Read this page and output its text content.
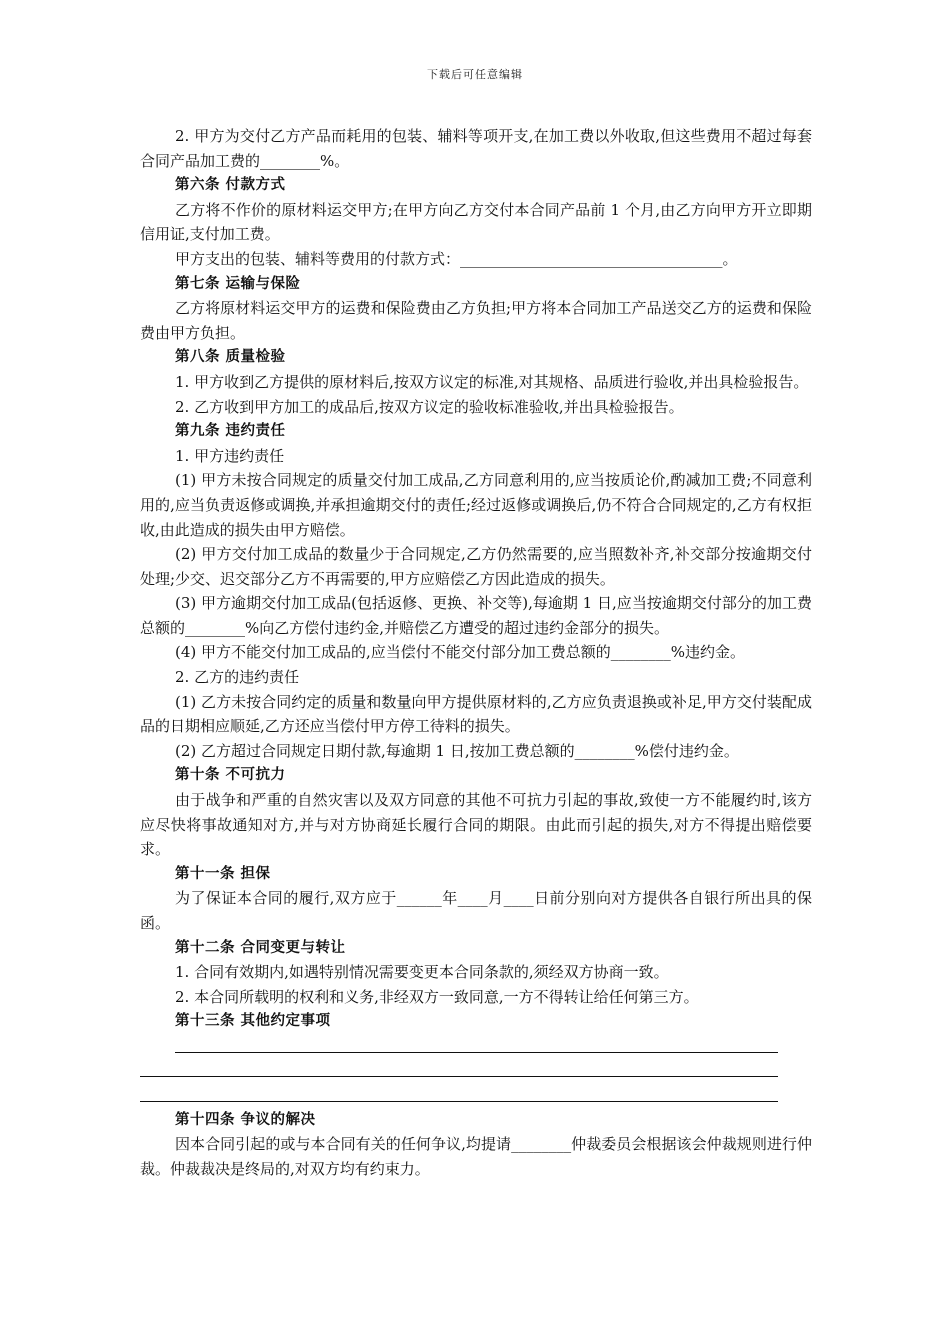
下载后可任意编辑
2. 甲方为交付乙方产品而耗用的包装、辅料等项开支,在加工费以外收取,但这些费用不超过每套合同产品加工费的________%。
第六条 付款方式
乙方将不作价的原材料运交甲方;在甲方向乙方交付本合同产品前 1 个月,由乙方向甲方开立即期信用证,支付加工费。
甲方支出的包装、辅料等费用的付款方式：___________________________________。
第七条 运输与保险
乙方将原材料运交甲方的运费和保险费由乙方负担;甲方将本合同加工产品送交乙方的运费和保险费由甲方负担。
第八条 质量检验
1. 甲方收到乙方提供的原材料后,按双方议定的标准,对其规格、品质进行验收,并出具检验报告。
2. 乙方收到甲方加工的成品后,按双方议定的验收标准验收,并出具检验报告。
第九条 违约责任
1. 甲方违约责任
(1) 甲方未按合同规定的质量交付加工成品,乙方同意利用的,应当按质论价,酌减加工费;不同意利用的,应当负责返修或调换,并承担逾期交付的责任;经过返修或调换后,仍不符合合同规定的,乙方有权拒收,由此造成的损失由甲方赔偿。
(2) 甲方交付加工成品的数量少于合同规定,乙方仍然需要的,应当照数补齐,补交部分按逾期交付处理;少交、迟交部分乙方不再需要的,甲方应赔偿乙方因此造成的损失。
(3) 甲方逾期交付加工成品(包括返修、更换、补交等),每逾期 1 日,应当按逾期交付部分的加工费总额的________%向乙方偿付违约金,并赔偿乙方遭受的超过违约金部分的损失。
(4) 甲方不能交付加工成品的,应当偿付不能交付部分加工费总额的________%违约金。
2. 乙方的违约责任
(1) 乙方未按合同约定的质量和数量向甲方提供原材料的,乙方应负责退换或补足,甲方交付装配成品的日期相应顺延,乙方还应当偿付甲方停工待料的损失。
(2) 乙方超过合同规定日期付款,每逾期 1 日,按加工费总额的________%偿付违约金。
第十条 不可抗力
由于战争和严重的自然灾害以及双方同意的其他不可抗力引起的事故,致使一方不能履约时,该方应尽快将事故通知对方,并与对方协商延长履行合同的期限。由此而引起的损失,对方不得提出赔偿要求。
第十一条 担保
为了保证本合同的履行,双方应于______年____月____日前分别向对方提供各自银行所出具的保函。
第十二条 合同变更与转让
1. 合同有效期内,如遇特别情况需要变更本合同条款的,须经双方协商一致。
2. 本合同所载明的权利和义务,非经双方一致同意,一方不得转让给任何第三方。
第十三条 其他约定事项
第十四条 争议的解决
因本合同引起的或与本合同有关的任何争议,均提请________仲裁委员会根据该会仲裁规则进行仲裁。仲裁裁决是终局的,对双方均有约束力。
